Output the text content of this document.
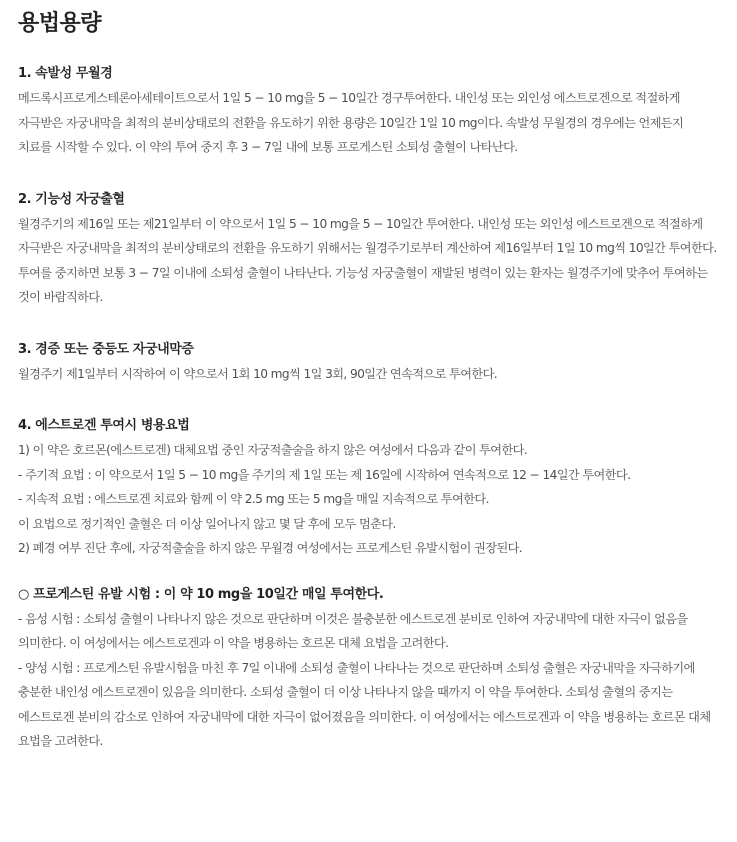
용법용량
1. 속발성 무월경
메드록시프로게스테론아세테이트으로서 1일 5 − 10 mg을 5 − 10일간 경구투여한다. 내인성 또는 외인성 에스트로겐으로 적절하게 자극받은 자궁내막을 최적의 분비상태로의 전환을 유도하기 위한 용량은 10일간 1일 10 mg이다. 속발성 무월경의 경우에는 언제든지 치료를 시작할 수 있다. 이 약의 투여 중지 후 3 − 7일 내에 보통 프로게스틴 소퇴성 출혈이 나타난다.
2. 기능성 자궁출혈
월경주기의 제16일 또는 제21일부터 이 약으로서 1일 5 − 10 mg을 5 − 10일간 투여한다. 내인성 또는 외인성 에스트로겐으로 적절하게 자극받은 자궁내막을 최적의 분비상태로의 전환을 유도하기 위해서는 월경주기로부터 계산하여 제16일부터 1일 10 mg씩 10일간 투여한다.
투여를 중지하면 보통 3 − 7일 이내에 소퇴성 출혈이 나타난다. 기능성 자궁출혈이 재발된 병력이 있는 환자는 월경주기에 맞추어 투여하는 것이 바람직하다.
3. 경증 또는 중등도 자궁내막증
월경주기 제1일부터 시작하여 이 약으로서 1회 10 mg씩 1일 3회, 90일간 연속적으로 투여한다.
4. 에스트로겐 투여시 병용요법
1) 이 약은 호르몬(에스트로겐) 대체요법 중인 자궁적출술을 하지 않은 여성에서 다음과 같이 투여한다.
- 주기적 요법 : 이 약으로서 1일 5 − 10 mg을 주기의 제 1일 또는 제 16일에 시작하여 연속적으로 12 − 14일간 투여한다.
- 지속적 요법 : 에스트로겐 치료와 함께 이 약 2.5 mg 또는 5 mg을 매일 지속적으로 투여한다.
이 요법으로 정기적인 출혈은 더 이상 일어나지 않고 몇 달 후에 모두 멈춘다.
2) 폐경 여부 진단 후에, 자궁적출술을 하지 않은 무월경 여성에서는 프로게스틴 유발시험이 권장된다.
○ 프로게스틴 유발 시험 : 이 약 10 mg을 10일간 매일 투여한다.
- 음성 시험 : 소퇴성 출혈이 나타나지 않은 것으로 판단하며 이것은 불충분한 에스트로겐 분비로 인하여 자궁내막에 대한 자극이 없음을 의미한다. 이 여성에서는 에스트로겐과 이 약을 병용하는 호르몬 대체 요법을 고려한다.
- 양성 시험 : 프로게스틴 유발시험을 마친 후 7일 이내에 소퇴성 출혈이 나타나는 것으로 판단하며 소퇴성 출혈은 자궁내막을 자극하기에 충분한 내인성 에스트로겐이 있음을 의미한다. 소퇴성 출혈이 더 이상 나타나지 않을 때까지 이 약을 투여한다. 소퇴성 출혈의 중지는 에스트로겐 분비의 감소로 인하여 자궁내막에 대한 자극이 없어졌음을 의미한다. 이 여성에서는 에스트로겐과 이 약을 병용하는 호르몬 대체 요법을 고려한다.
